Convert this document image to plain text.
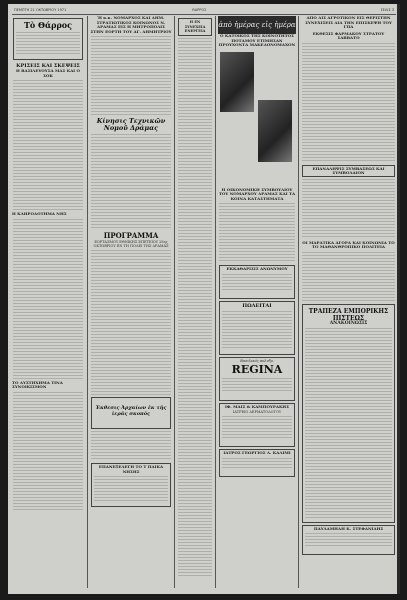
ΠΕΜΠΤΗ 21 ΟΚΤΩΒΡΙΟΥ 1971	ΘΑΡΡΟΣ	ΣΕΛΙΣ 3
Τὸ Θάρρος
ΚΡΙΣΕΙΣ ΚΑΙ ΣΚΕΨΕΙΣ
Η ΒΑΣΙΛΕΥΟΥΣΑ ΜΑΣ ΚΑΙ Ο ΣΟΚ
Η ΚΛΗΡΟΔΟΤΗΜΑ ΝΗΣ
ΤΟ ΔΥΣΤΗΧΗΜΑ ΤΙΝΑ ΣΥΝΟΙΚΙΣΜΟΝ
Ἡ κ.κ. ΝΟΜΑΡΧΟΣ ΚΑΙ ΔΗΜ. ΣΤΡΑΤΙΩΤΙΚΟΣ ΚΟΙΝΩΝΟΣ Ν. ΔΡΑΜΑΣ ΕΙΣ Η ΜΗΤΡΟΠΟΛΙΣ ΣΤΗΝ ΕΟΡΤΗ ΤΟΥ ΑΓ. ΔΗΜΗΤΡΙΟΥ
Κίνησις Τεχνικῶν Νομοῦ Δράμας
ΠΡΟΓΡΑΜΜΑ
ΕΟΡΤΑΣΜΟΥ ΕΘΝΙΚΗΣ ΕΠΕΤΕΙΟΥ 28ης ΟΚΤΩΒΡΙΟΥ ΕΝ ΤΗ ΠΟΛΕΙ ΤΗΣ ΔΡΑΜΑΣ
Ἐκθεσις Ἀρχαίων ἐκ τῆς ἱερᾶς σκοπός
ΕΠΑΝΕΞΕΛΕΓΗ ΤΟ Τ ΠΑΙΚΑ ΝΗΣΗΣ
Η ΕΝ ΣΥΝΕΧΕΙΑ ΕΝΕΡΓΕΙΑ
ἀπὸ ἡμέρας εἰς ἡμέρα
Ο ΚΑΤΟΙΚΟΣ ΤΗΣ ΚΟΙΝΟΤΗΤΟΣ ΠΟΤΑΜΟΥ ΕΤΙΜΗΣΑΝ ΠΡΟΥΧΟΝΤΑ ΜΑΚΕΔΟΝΟΜΑΧΟΝ
Η ΟΙΚΟΝΟΜΙΚΗ ΣΥΜΒΟΥΛΙΟΥ ΤΟΥ ΝΟΜΑΡΧΟΥ ΔΡΑΜΑΣ ΚΑΙ ΤΑ ΚΟΙΝΑ ΚΑΤΑΣΤΗΜΑΤΑ
ΕΚΚΑΘΑΡΙΣΙΣ ΑΝΩΝΥΜΟΥ
ΠΩΛΕΙΤΑΙ
Βασιλικός πολυθρ.
REGINA
ΙΦ. ΜΑΙΣ & ΚΑΜΠΟΥΡΑΚΗΣ
ΙΑΤΡΕΙΟ ΔΕΡΜΑΤΟΛΟΓΟΥ
ΙΑΤΡΟΣ ΓΕΩΡΓΙΟΣ Λ. ΚΑΛΙΜΙ
ΑΠΟ ΔΙΣ ΑΓΡΟΤΙΚΟΝ ΕΙΣ ΘΕΡΙΣΤΗΝ ΣΥΝΕΧΙΣΕΙΣ ΔΙΑ ΤΗΝ ΕΠΙΣΚΕΨΗ ΤΟΥ ΓΠΑ
ΕΚΘΕΣΙΣ ΦΑΡΜΑΚΟΥ ΣΤΡΑΤΟΥ ΣΑΒΒΑΤΟ
ΕΠΑΝΑΛΗΨΙΣ ΣΥΜΒΑΣΕΩΣ ΚΑΙ ΣΥΜΒΟΛΑΙΟΝ
ΟΙ ΜΑΡΑΤΙΚΑ ΑΓΟΡΑ ΚΑΙ ΚΟΙΝΩΝΙΑ ΤΟ ΤΟ ΜΑΘΑΝΘΡΟΠΙΚΟ ΠΟΛΙΤΕΙΑ
ΤΡΑΠΕΖΑ ΕΜΠΟΡΙΚΗΣ ΠΙΣΤΕΩΣ
ΑΝΑΚΟΙΝΩΣΙΣ
ΠΑΥΛΑΜΗΔΗ Κ. ΣΤΕΦΑΝΙΔΗΣ
